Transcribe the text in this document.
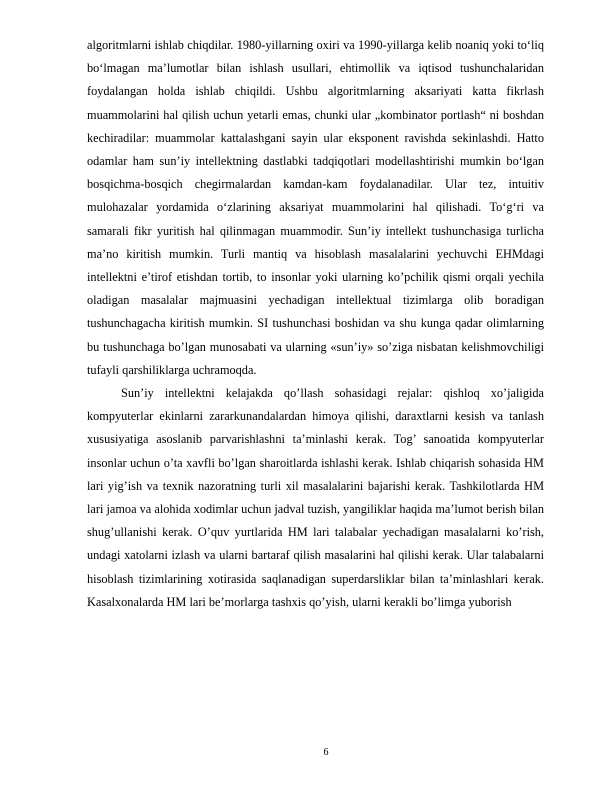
algoritmlarni ishlab chiqdilar. 1980-yillarning oxiri va 1990-yillarga kelib noaniq yoki to‘liq bo‘lmagan ma’lumotlar bilan ishlash usullari, ehtimollik va iqtisod tushunchalaridan foydalangan holda ishlab chiqildi. Ushbu algoritmlarning aksariyati katta fikrlash muammolarini hal qilish uchun yetarli emas, chunki ular „kombinator portlash“ ni boshdan kechiradilar: muammolar kattalashgani sayin ular eksponent ravishda sekinlashdi. Hatto odamlar ham sun’iy intellektning dastlabki tadqiqotlari modellashtirishi mumkin bo‘lgan bosqichma-bosqich chegirmalardan kamdan-kam foydalanadilar. Ular tez, intuitiv mulohazalar yordamida o‘zlarining aksariyat muammolarini hal qilishadi. To‘g‘ri va samarali fikr yuritish hal qilinmagan muammodir. Sun’iy intellekt tushunchasiga turlicha ma’no kiritish mumkin. Turli mantiq va hisoblash masalalarini yechuvchi EHMdagi intellektni e’tirof etishdan tortib, to insonlar yoki ularning ko’pchilik qismi orqali yechila oladigan masalalar majmuasini yechadigan intellektual tizimlarga olib boradigan tushunchagacha kiritish mumkin. SI tushunchasi boshidan va shu kunga qadar olimlarning bu tushunchaga bo’lgan munosabati va ularning «sun’iy» so’ziga nisbatan kelishmovchiligi tufayli qarshiliklarga uchramoqda.

Sun’iy intellektni kelajakda qo’llash sohasidagi rejalar: qishloq xo’jaligida kompyuterlar ekinlarni zararkunandalardan himoya qilishi, daraxtlarni kesish va tanlash xususiyatiga asoslanib parvarishlashni ta’minlashi kerak. Tog’ sanoatida kompyuterlar insonlar uchun o’ta xavfli bo’lgan sharoitlarda ishlashi kerak. Ishlab chiqarish sohasida HM lari yig’ish va texnik nazoratning turli xil masalalarini bajarishi kerak. Tashkilotlarda HM lari jamoa va alohida xodimlar uchun jadval tuzish, yangiliklar haqida ma’lumot berish bilan shug’ullanishi kerak. O’quv yurtlarida HM lari talabalar yechadigan masalalarni ko’rish, undagi xatolarni izlash va ularni bartaraf qilish masalarini hal qilishi kerak. Ular talabalarni hisoblash tizimlarining xotirasida saqlanadigan superdarsliklar bilan ta’minlashlari kerak. Kasalxonalarda HM lari be’morlarga tashxis qo’yish, ularni kerakli bo’limga yuborish

6
